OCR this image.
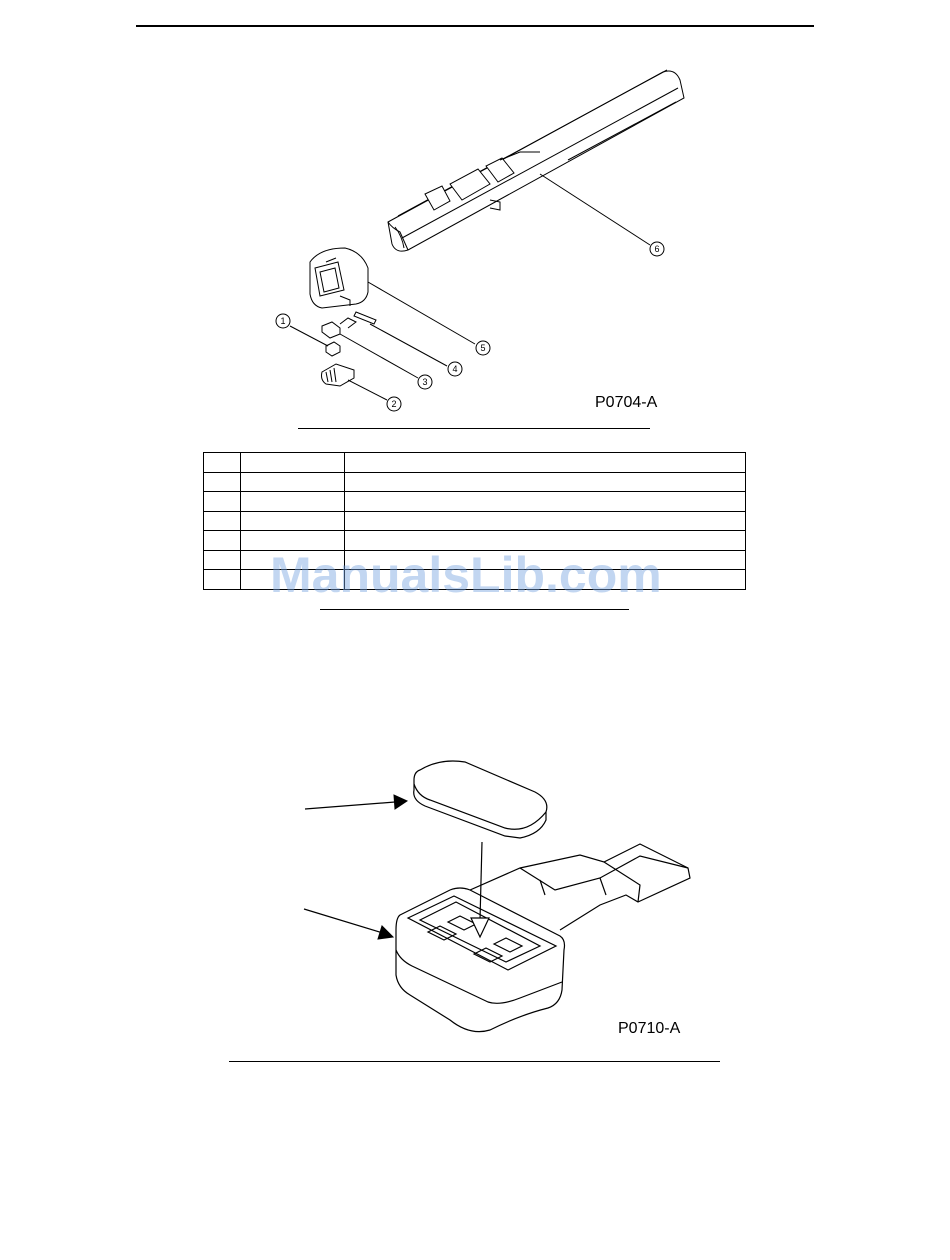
1
2
3
4
5
6
P0704-A

ManualsLib.com
P0710-A
